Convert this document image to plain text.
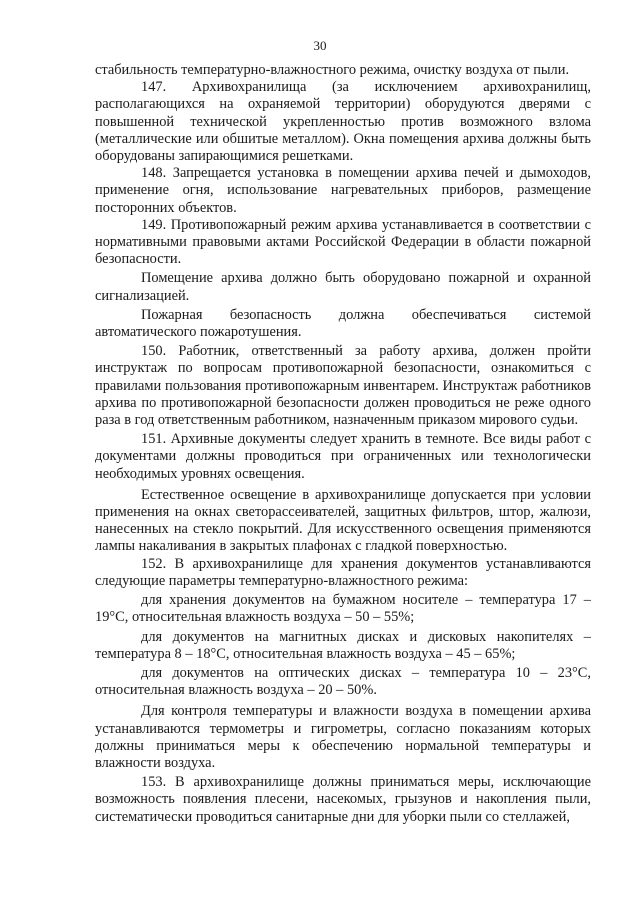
30

стабильность температурно-влажностного режима, очистку воздуха от пыли.

147. Архивохранилища (за исключением архивохранилищ, располагающихся на охраняемой территории) оборудуются дверями с повышенной технической укрепленностью против возможного взлома (металлические или обшитые металлом). Окна помещения архива должны быть оборудованы запирающимися решетками.

148. Запрещается установка в помещении архива печей и дымоходов, применение огня, использование нагревательных приборов, размещение посторонних объектов.

149. Противопожарный режим архива устанавливается в соответствии с нормативными правовыми актами Российской Федерации в области пожарной безопасности.

Помещение архива должно быть оборудовано пожарной и охранной сигнализацией.

Пожарная безопасность должна обеспечиваться системой автоматического пожаротушения.

150. Работник, ответственный за работу архива, должен пройти инструктаж по вопросам противопожарной безопасности, ознакомиться с правилами пользования противопожарным инвентарем. Инструктаж работников архива по противопожарной безопасности должен проводиться не реже одного раза в год ответственным работником, назначенным приказом мирового судьи.

151. Архивные документы следует хранить в темноте. Все виды работ с документами должны проводиться при ограниченных или технологически необходимых уровнях освещения.

Естественное освещение в архивохранилище допускается при условии применения на окнах светорассеивателей, защитных фильтров, штор, жалюзи, нанесенных на стекло покрытий. Для искусственного освещения применяются лампы накаливания в закрытых плафонах с гладкой поверхностью.

152. В архивохранилище для хранения документов устанавливаются следующие параметры температурно-влажностного режима:

для хранения документов на бумажном носителе – температура 17 – 19°С, относительная влажность воздуха – 50 – 55%;

для документов на магнитных дисках и дисковых накопителях – температура 8 – 18°С, относительная влажность воздуха – 45 – 65%;

для документов на оптических дисках – температура 10 – 23°С, относительная влажность воздуха – 20 – 50%.

Для контроля температуры и влажности воздуха в помещении архива устанавливаются термометры и гигрометры, согласно показаниям которых должны приниматься меры к обеспечению нормальной температуры и влажности воздуха.

153. В архивохранилище должны приниматься меры, исключающие возможность появления плесени, насекомых, грызунов и накопления пыли, систематически проводиться санитарные дни для уборки пыли со стеллажей,
